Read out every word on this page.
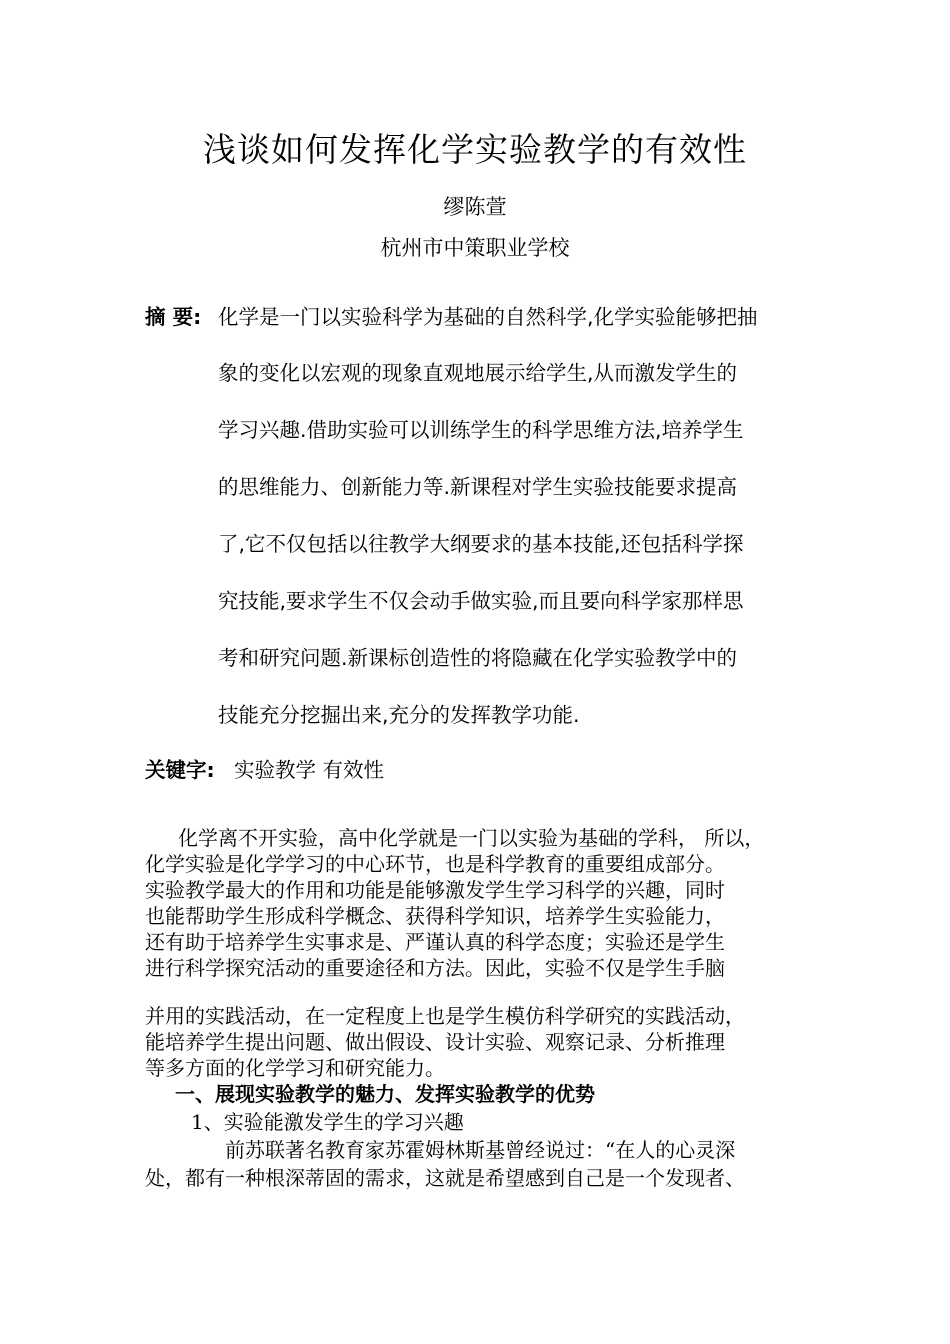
浅谈如何发挥化学实验教学的有效性
缪陈萱
杭州市中策职业学校
摘 要: 化学是一门以实验科学为基础的自然科学,化学实验能够把抽
象的变化以宏观的现象直观地展示给学生,从而激发学生的
学习兴趣.借助实验可以训练学生的科学思维方法,培养学生
的思维能力、创新能力等.新课程对学生实验技能要求提高
了,它不仅包括以往教学大纲要求的基本技能,还包括科学探
究技能,要求学生不仅会动手做实验,而且要向科学家那样思
考和研究问题.新课标创造性的将隐藏在化学实验教学中的
技能充分挖掘出来,充分的发挥教学功能.
关键字: 实验教学 有效性
化学离不开实验，高中化学就是一门以实验为基础的学科， 所以，
化学实验是化学学习的中心环节，也是科学教育的重要组成部分。
实验教学最大的作用和功能是能够激发学生学习科学的兴趣，同时
也能帮助学生形成科学概念、获得科学知识，培养学生实验能力，
还有助于培养学生实事求是、严谨认真的科学态度；实验还是学生
进行科学探究活动的重要途径和方法。因此，实验不仅是学生手脑
并用的实践活动，在一定程度上也是学生模仿科学研究的实践活动，
能培养学生提出问题、做出假设、设计实验、观察记录、分析推理
等多方面的化学学习和研究能力。
一、展现实验教学的魅力、发挥实验教学的优势
1、实验能激发学生的学习兴趣
前苏联著名教育家苏霍姆林斯基曾经说过：“在人的心灵深
处，都有一种根深蒂固的需求，这就是希望感到自己是一个发现者、
